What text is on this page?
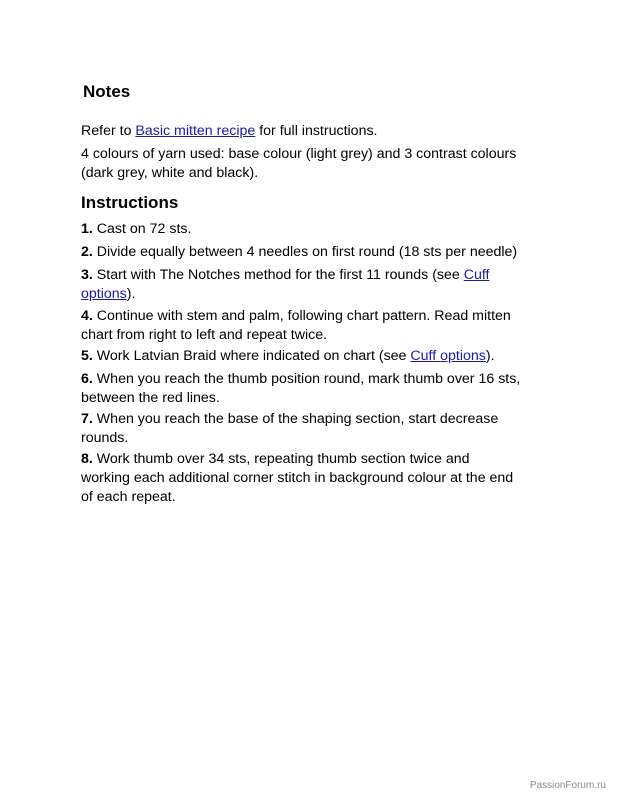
Notes

Refer to Basic mitten recipe for full instructions.

4 colours of yarn used: base colour (light grey) and 3 contrast colours
(dark grey, white and black).

Instructions

1. Cast on 72 sts.

2. Divide equally between 4 needles on first round (18 sts per needle)

3. Start with The Notches method for the first 11 rounds (see Cuff
options).

4. Continue with stem and palm, following chart pattern. Read mitten
chart from right to left and repeat twice.

5. Work Latvian Braid where indicated on chart (see Cuff options).

6. When you reach the thumb position round, mark thumb over 16 sts,
between the red lines.

7. When you reach the base of the shaping section, start decrease
rounds.

8. Work thumb over 34 sts, repeating thumb section twice and
working each additional corner stitch in background colour at the end
of each repeat.

PassionForum.ru
